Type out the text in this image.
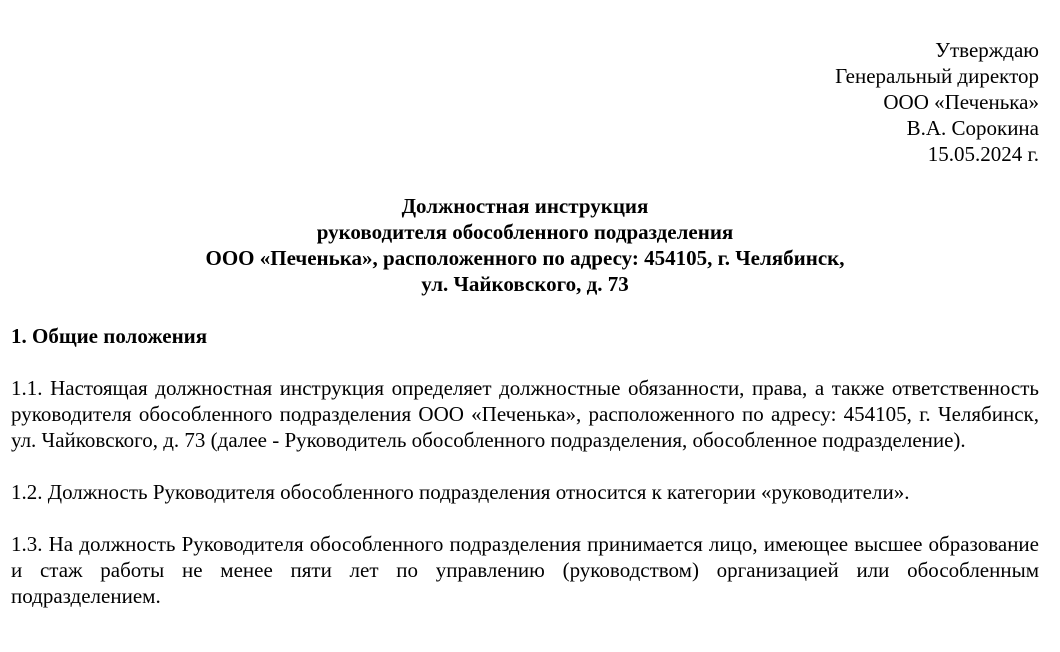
Утверждаю
Генеральный директор
ООО «Печенька»
В.А. Сорокина
15.05.2024 г.
Должностная инструкция
руководителя обособленного подразделения
ООО «Печенька», расположенного по адресу: 454105, г. Челябинск,
ул. Чайковского, д. 73
1. Общие положения
1.1. Настоящая должностная инструкция определяет должностные обязанности, права, а также ответственность руководителя обособленного подразделения ООО «Печенька», расположенного по адресу: 454105, г. Челябинск, ул. Чайковского, д. 73 (далее - Руководитель обособленного подразделения, обособленное подразделение).
1.2. Должность Руководителя обособленного подразделения относится к категории «руководители».
1.3. На должность Руководителя обособленного подразделения принимается лицо, имеющее высшее образование и стаж работы не менее пяти лет по управлению (руководством) организацией или обособленным подразделением.
